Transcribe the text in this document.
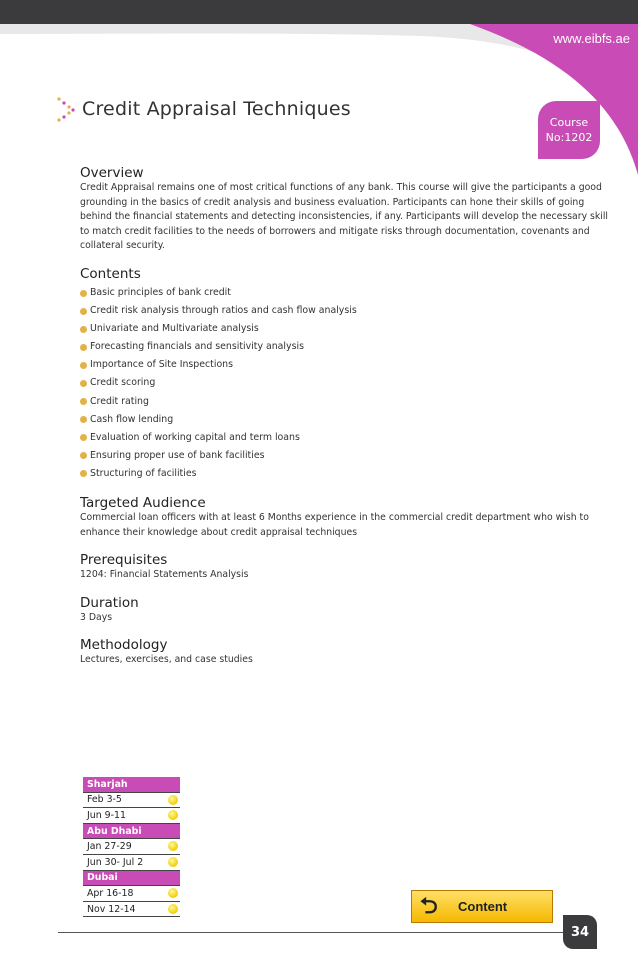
www.eibfs.ae
Credit Appraisal Techniques
Course
No:1202
Overview

Credit Appraisal remains one of most critical functions of any bank. This course will give the participants a good grounding in the basics of credit analysis and business evaluation. Participants can hone their skills of going behind the financial statements and detecting inconsistencies, if any. Participants will develop the necessary skill to match credit facilities to the needs of borrowers and mitigate risks through documentation, covenants and collateral security.

Contents
Basic principles of bank credit
Credit risk analysis through ratios and cash flow analysis
Univariate and Multivariate analysis
Forecasting financials and sensitivity analysis
Importance of Site Inspections
Credit scoring
Credit rating
Cash flow lending
Evaluation of working capital and term loans
Ensuring proper use of bank facilities
Structuring of facilities
Targeted Audience

Commercial loan officers with at least 6 Months experience in the commercial credit department who wish to enhance their knowledge about credit appraisal techniques

Prerequisites

1204: Financial Statements Analysis

Duration

3 Days

Methodology

Lectures, exercises, and case studies

Sharjah
Feb 3-5

Jun 9-11

Abu Dhabi
Jan 27-29

Jun 30- Jul 2

Dubai
Apr 16-18

Nov 12-14	⮌	Content
34
